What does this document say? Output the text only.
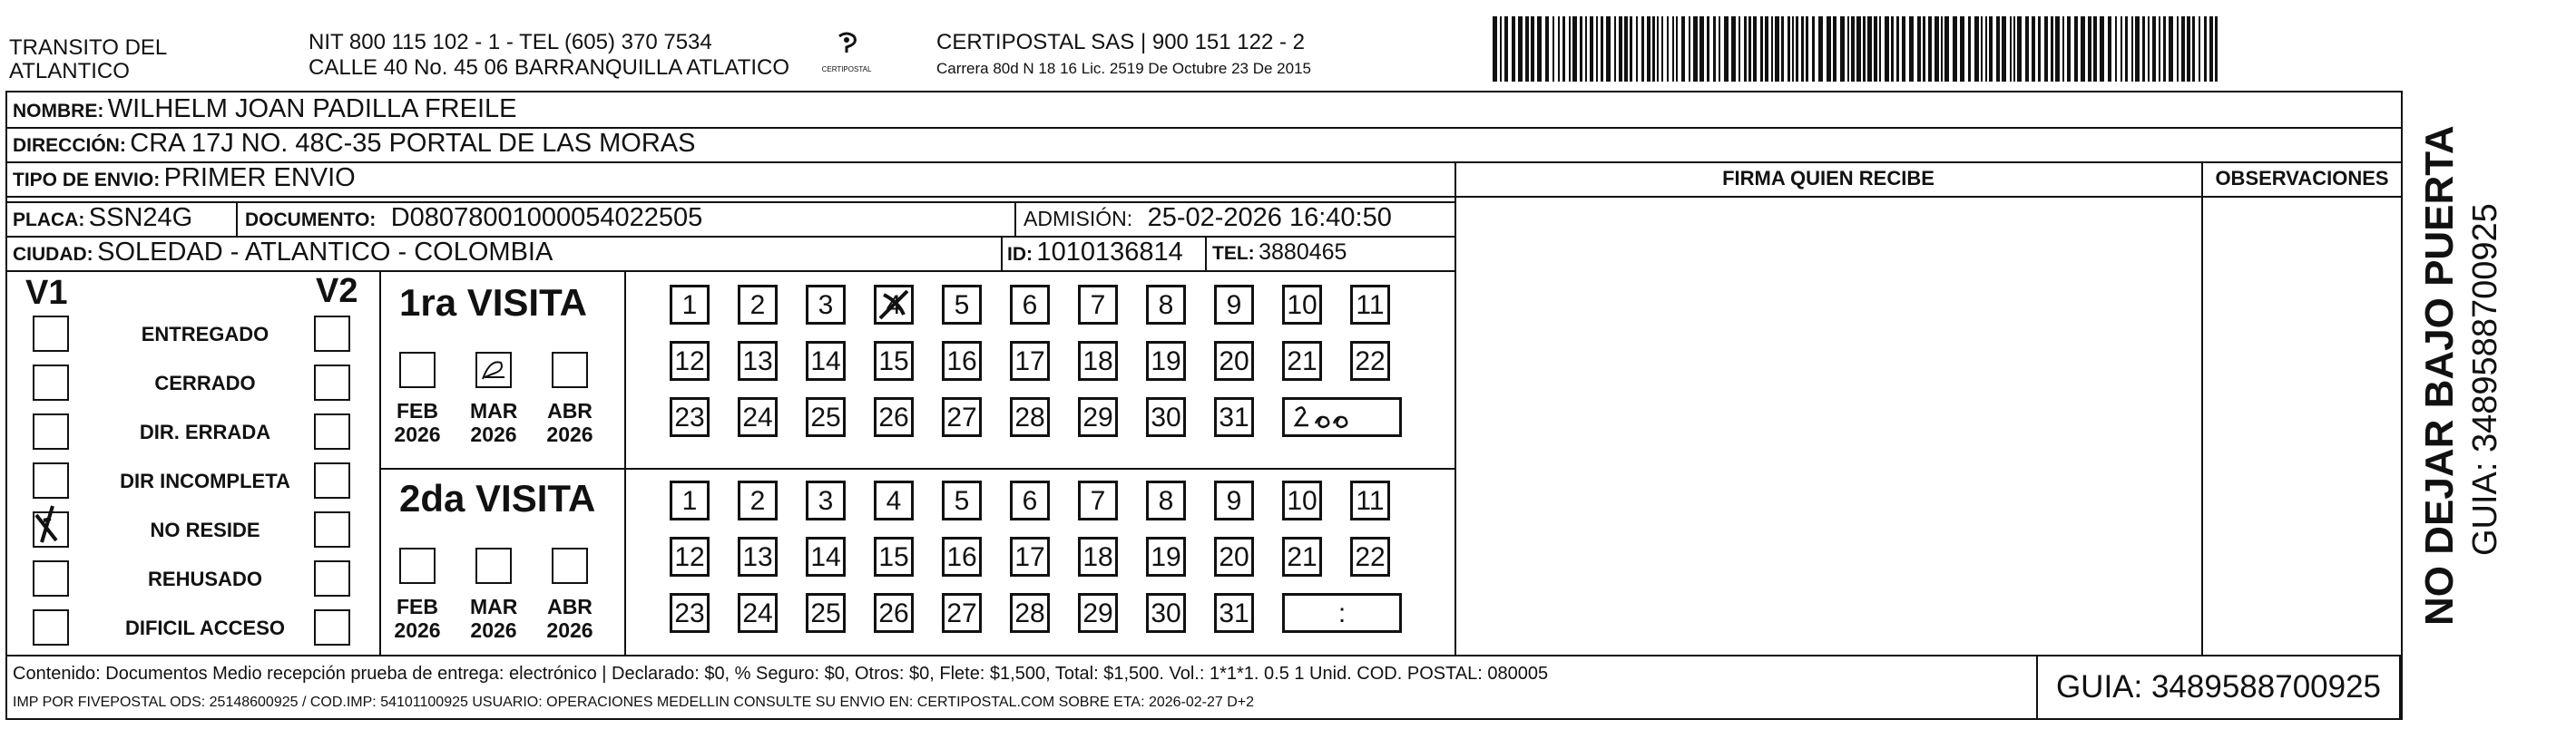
TRANSITO DEL
ATLANTICO
NIT 800 115 102 - 1 - TEL (605) 370 7534
CALLE 40 No. 45 06 BARRANQUILLA ATLATICO	CERTIPOSTAL
CERTIPOSTAL SAS | 900 151 122 - 2
Carrera 80d N 18 16 Lic. 2519 De Octubre 23 De 2015
NOMBRE: WILHELM JOAN PADILLA FREILE
DIRECCIÓN: CRA 17J NO. 48C-35 PORTAL DE LAS MORAS
TIPO DE ENVIO: PRIMER ENVIO
PLACA: SSN24G	DOCUMENTO: D08078001000054022505	ADMISIÓN: 25-02-2026 16:40:50
CIUDAD: SOLEDAD - ATLANTICO - COLOMBIA	ID: 1010136814 TEL: 3880465
FIRMA QUIEN RECIBE	OBSERVACIONES
V1	V2
ENTREGADO
CERRADO
DIR. ERRADA
DIR INCOMPLETA
NO RESIDE
REHUSADO
DIFICIL ACCESO
1ra VISITA
2da VISITA
FEB
2026
MAR
2026
ABR
2026
FEB
2026
MAR
2026
ABR
2026
1	2	3	4	5	6	7	8	9	10 11
12 13 14 15 16 17 18 19 20 21 22
23 24 25 26 27 28 29 30 31
1	2	3	4	5	6	7	8	9	10 11
12 13 14 15 16 17 18 19 20 21 22
23 24 25 26 27 28 29 30 31	:
Contenido: Documentos Medio recepción prueba de entrega: electrónico | Declarado: $0, % Seguro: $0, Otros: $0, Flete: $1,500, Total: $1,500. Vol.: 1*1*1. 0.5 1 Unid. COD. POSTAL: 080005
IMP POR FIVEPOSTAL ODS: 25148600925 / COD.IMP: 54101100925 USUARIO: OPERACIONES MEDELLIN CONSULTE SU ENVIO EN: CERTIPOSTAL.COM SOBRE ETA: 2026-02-27 D+2	GUIA: 3489588700925
NO DEJAR BAJO PUERTA GUIA: 3489588700925
